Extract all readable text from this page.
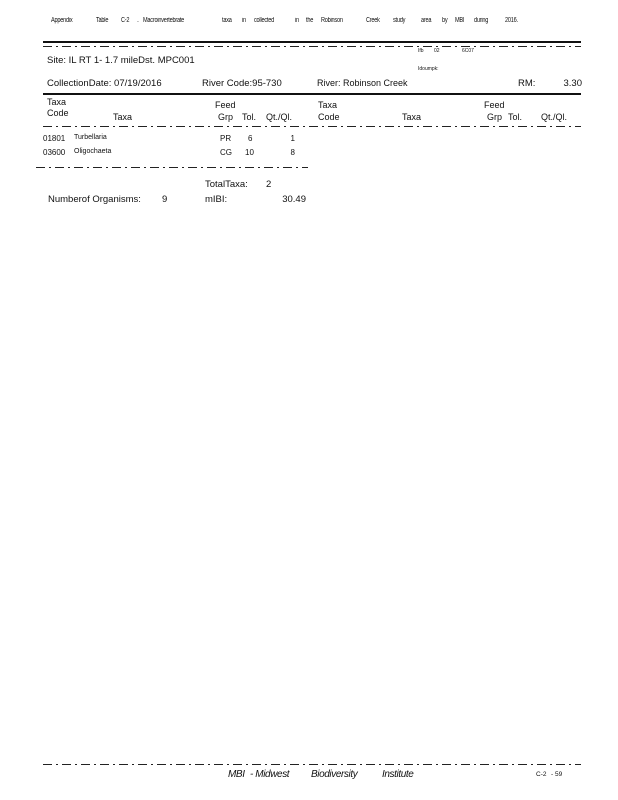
Appendix	Table	C-2 . Macroinvertebrate	taxa	in collected	in the Robinson	Creek	study	area	by MBI	during	2016.
Ifb 02	6C07
Idoumpk:
Site: IL RT 1- 1.7 mileDst. MPC001
CollectionDate: 07/19/2016	River Code:95-730	River: Robinson Creek	RM:	3.30
Taxa
Code	Taxa
Feed
Grp Tol. Qt./Ql.
Taxa
Code	Taxa
Feed
Grp Tol. Qt./Ql.
01801 Turbellaria	PR 6	1
03600 Oligochaeta	CG 10	8
TotalTaxa: 2
Numberof Organisms: 9	mIBI:	30.49
MBI - Midwest Biodiversity Institute	C-2 - 59
